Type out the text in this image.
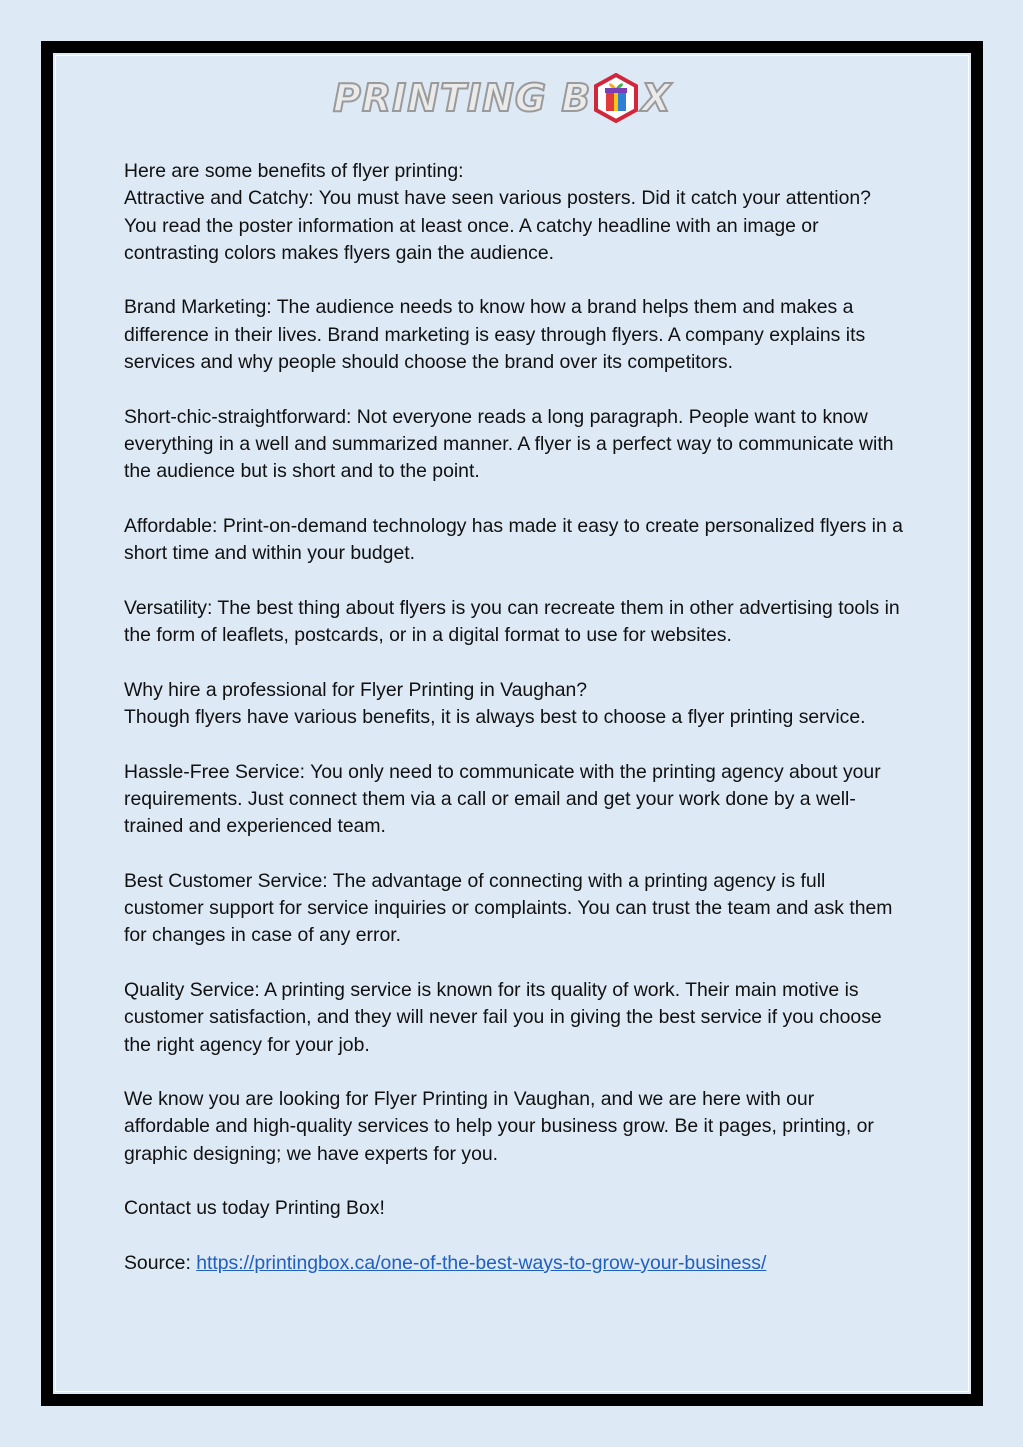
PRINTING B X

Here are some benefits of flyer printing:

Attractive and Catchy: You must have seen various posters. Did it catch your attention? You read the poster information at least once. A catchy headline with an image or contrasting colors makes flyers gain the audience.

Brand Marketing: The audience needs to know how a brand helps them and makes a difference in their lives. Brand marketing is easy through flyers. A company explains its services and why people should choose the brand over its competitors.

Short-chic-straightforward: Not everyone reads a long paragraph. People want to know everything in a well and summarized manner. A flyer is a perfect way to communicate with the audience but is short and to the point.

Affordable: Print-on-demand technology has made it easy to create personalized flyers in a short time and within your budget.

Versatility: The best thing about flyers is you can recreate them in other advertising tools in the form of leaflets, postcards, or in a digital format to use for websites.

Why hire a professional for Flyer Printing in Vaughan?

Though flyers have various benefits, it is always best to choose a flyer printing service.

Hassle-Free Service: You only need to communicate with the printing agency about your requirements. Just connect them via a call or email and get your work done by a well-trained and experienced team.

Best Customer Service: The advantage of connecting with a printing agency is full customer support for service inquiries or complaints. You can trust the team and ask them for changes in case of any error.

Quality Service: A printing service is known for its quality of work. Their main motive is customer satisfaction, and they will never fail you in giving the best service if you choose the right agency for your job.

We know you are looking for Flyer Printing in Vaughan, and we are here with our affordable and high-quality services to help your business grow. Be it pages, printing, or graphic designing; we have experts for you.

Contact us today Printing Box!

Source: https://printingbox.ca/one-of-the-best-ways-to-grow-your-business/
